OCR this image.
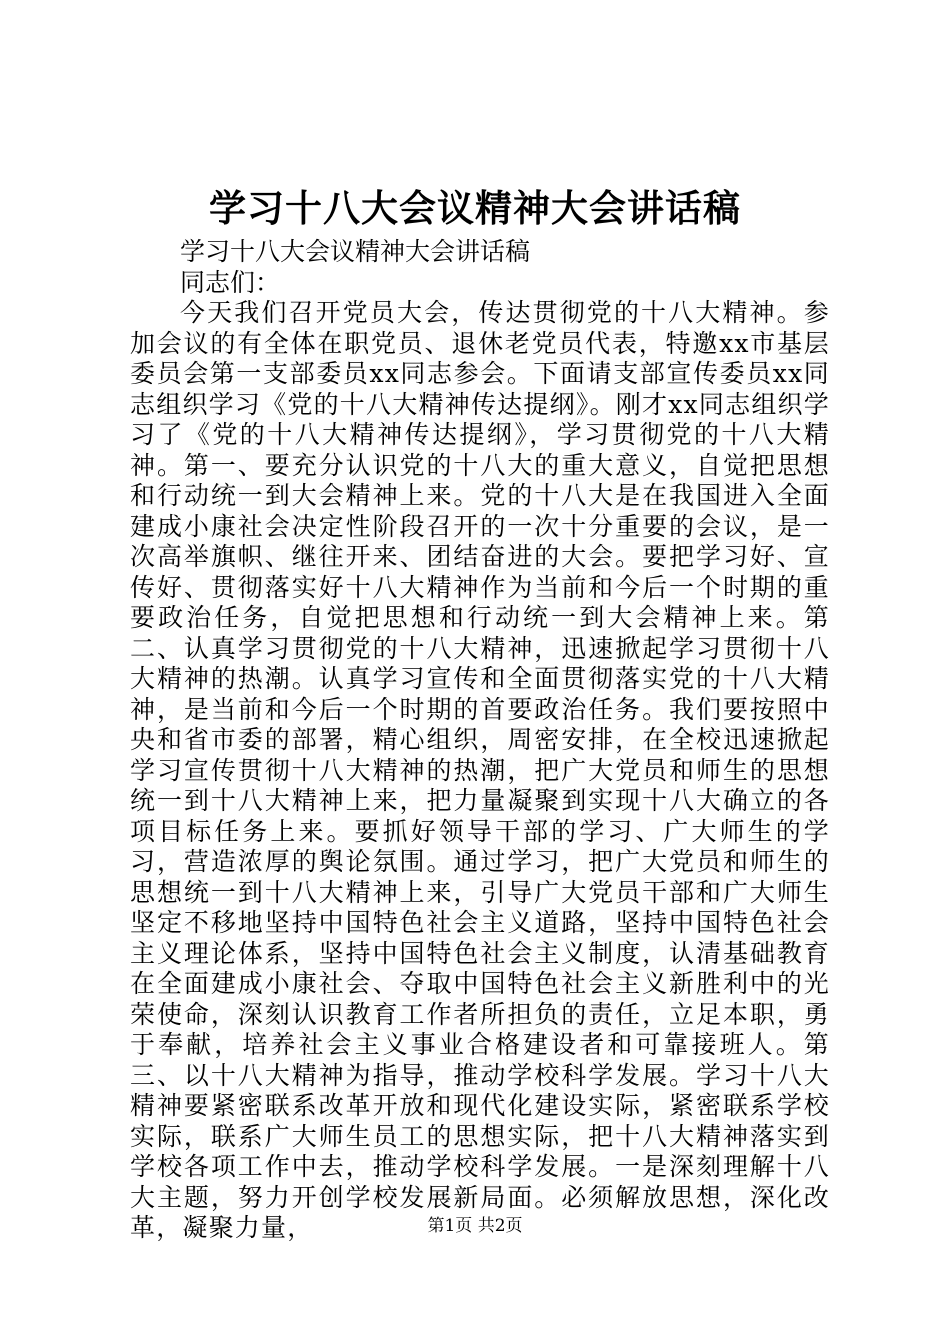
学习十八大会议精神大会讲话稿

学习十八大会议精神大会讲话稿

同志们：

今天我们召开党员大会，传达贯彻党的十八大精神。参加会议的有全体在职党员、退休老党员代表，特邀xx市基层委员会第一支部委员xx同志参会。下面请支部宣传委员xx同志组织学习《党的十八大精神传达提纲》。刚才xx同志组织学习了《党的十八大精神传达提纲》，学习贯彻党的十八大精神。第一、要充分认识党的十八大的重大意义，自觉把思想和行动统一到大会精神上来。党的十八大是在我国进入全面建成小康社会决定性阶段召开的一次十分重要的会议，是一次高举旗帜、继往开来、团结奋进的大会。要把学习好、宣传好、贯彻落实好十八大精神作为当前和今后一个时期的重要政治任务，自觉把思想和行动统一到大会精神上来。第二、认真学习贯彻党的十八大精神，迅速掀起学习贯彻十八大精神的热潮。认真学习宣传和全面贯彻落实党的十八大精神，是当前和今后一个时期的首要政治任务。我们要按照中央和省市委的部署，精心组织，周密安排，在全校迅速掀起学习宣传贯彻十八大精神的热潮，把广大党员和师生的思想统一到十八大精神上来，把力量凝聚到实现十八大确立的各项目标任务上来。要抓好领导干部的学习、广大师生的学习，营造浓厚的舆论氛围。通过学习，把广大党员和师生的思想统一到十八大精神上来，引导广大党员干部和广大师生坚定不移地坚持中国特色社会主义道路，坚持中国特色社会主义理论体系，坚持中国特色社会主义制度，认清基础教育在全面建成小康社会、夺取中国特色社会主义新胜利中的光荣使命，深刻认识教育工作者所担负的责任，立足本职，勇于奉献，培养社会主义事业合格建设者和可靠接班人。第三、以十八大精神为指导，推动学校科学发展。学习十八大精神要紧密联系改革开放和现代化建设实际，紧密联系学校实际，联系广大师生员工的思想实际，把十八大精神落实到学校各项工作中去，推动学校科学发展。一是深刻理解十八大主题，努力开创学校发展新局面。必须解放思想，深化改革，凝聚力量，	第1页 共2页
